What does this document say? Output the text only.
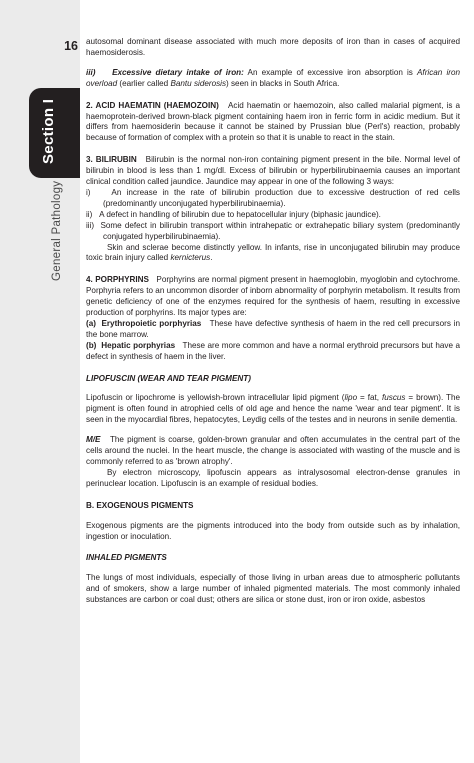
16
Section I
General Pathology

autosomal dominant disease associated with much more deposits of iron than in cases of acquired haemosiderosis.

iii) Excessive dietary intake of iron: An example of excessive iron absorption is African iron overload (earlier called Bantu siderosis) seen in blacks in South Africa.

2. ACID HAEMATIN (HAEMOZOIN) Acid haematin or haemozoin, also called malarial pigment, is a haemoprotein-derived brown-black pigment containing haem iron in ferric form in acidic medium. But it differs from haemosiderin because it cannot be stained by Prussian blue (Perl's) reaction, probably because of formation of complex with a protein so that it is unable to react in the stain.

3. BILIRUBIN Bilirubin is the normal non-iron containing pigment present in the bile. Normal level of bilirubin in blood is less than 1 mg/dl. Excess of bilirubin or hyperbilirubinaemia causes an important clinical condition called jaundice. Jaundice may appear in one of the following 3 ways:

i)    An increase in the rate of bilirubin production due to excessive destruction of red cells (predominantly unconjugated hyperbilirubinaemia).

ii)   A defect in handling of bilirubin due to hepatocellular injury (biphasic jaundice).

iii)  Some defect in bilirubin transport within intrahepatic or extrahepatic biliary system (predominantly conjugated hyperbilirubinaemia).

Skin and sclerae become distinctly yellow. In infants, rise in unconjugated bilirubin may produce toxic brain injury called kernicterus.

4. PORPHYRINS Porphyrins are normal pigment present in haemoglobin, myoglobin and cytochrome. Porphyria refers to an uncommon disorder of inborn abnormality of porphyrin metabolism. It results from genetic deficiency of one of the enzymes required for the synthesis of haem, resulting in excessive production of porphyrins. Its major types are:

(a)  Erythropoietic porphyrias   These have defective synthesis of haem in the red cell precursors in the bone marrow.

(b)  Hepatic porphyrias   These are more common and have a normal erythroid precursors but have a defect in synthesis of haem in the liver.

LIPOFUSCIN (WEAR AND TEAR PIGMENT)

Lipofuscin or lipochrome is yellowish-brown intracellular lipid pigment (lipo = fat, fuscus = brown). The pigment is often found in atrophied cells of old age and hence the name 'wear and tear pigment'. It is seen in the myocardial fibres, hepatocytes, Leydig cells of the testes and in neurons in senile dementia.

M/E The pigment is coarse, golden-brown granular and often accumulates in the central part of the cells around the nuclei. In the heart muscle, the change is associated with wasting of the muscle and is commonly referred to as 'brown atrophy'.

By electron microscopy, lipofuscin appears as intralysosomal electron-dense granules in perinuclear location. Lipofuscin is an example of residual bodies.

B. EXOGENOUS PIGMENTS

Exogenous pigments are the pigments introduced into the body from outside such as by inhalation, ingestion or inoculation.

INHALED PIGMENTS

The lungs of most individuals, especially of those living in urban areas due to atmospheric pollutants and of smokers, show a large number of inhaled pigmented materials. The most commonly inhaled substances are carbon or coal dust; others are silica or stone dust, iron or iron oxide, asbestos
